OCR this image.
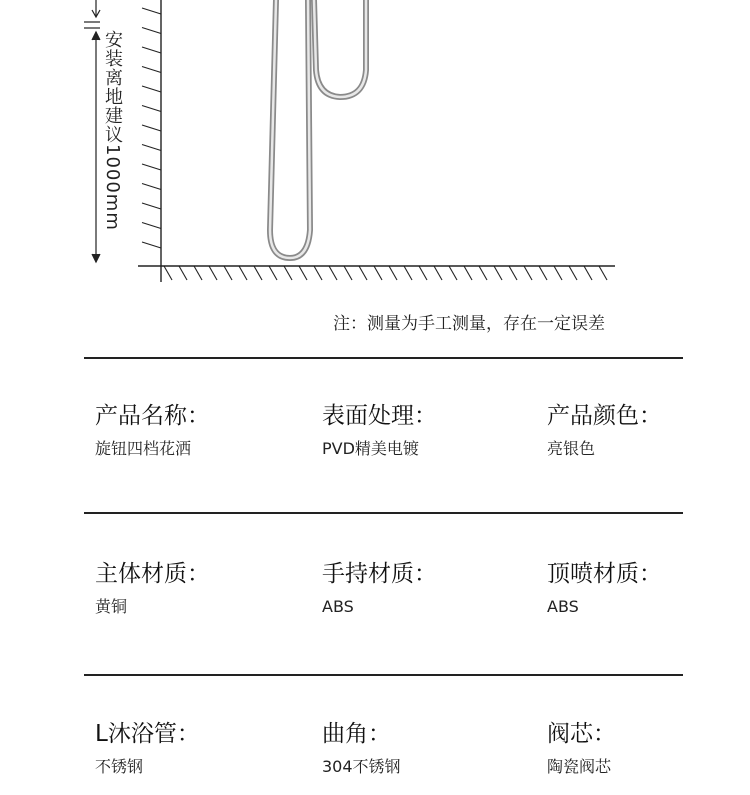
安装离地建议1000mm
注：测量为手工测量，存在一定误差
产品名称：
旋钮四档花洒
表面处理：
PVD精美电镀
产品颜色：
亮银色
主体材质：
黄铜
手持材质：
ABS
顶喷材质：
ABS
L沐浴管：
不锈钢
曲角：
304不锈钢
阀芯：
陶瓷阀芯
